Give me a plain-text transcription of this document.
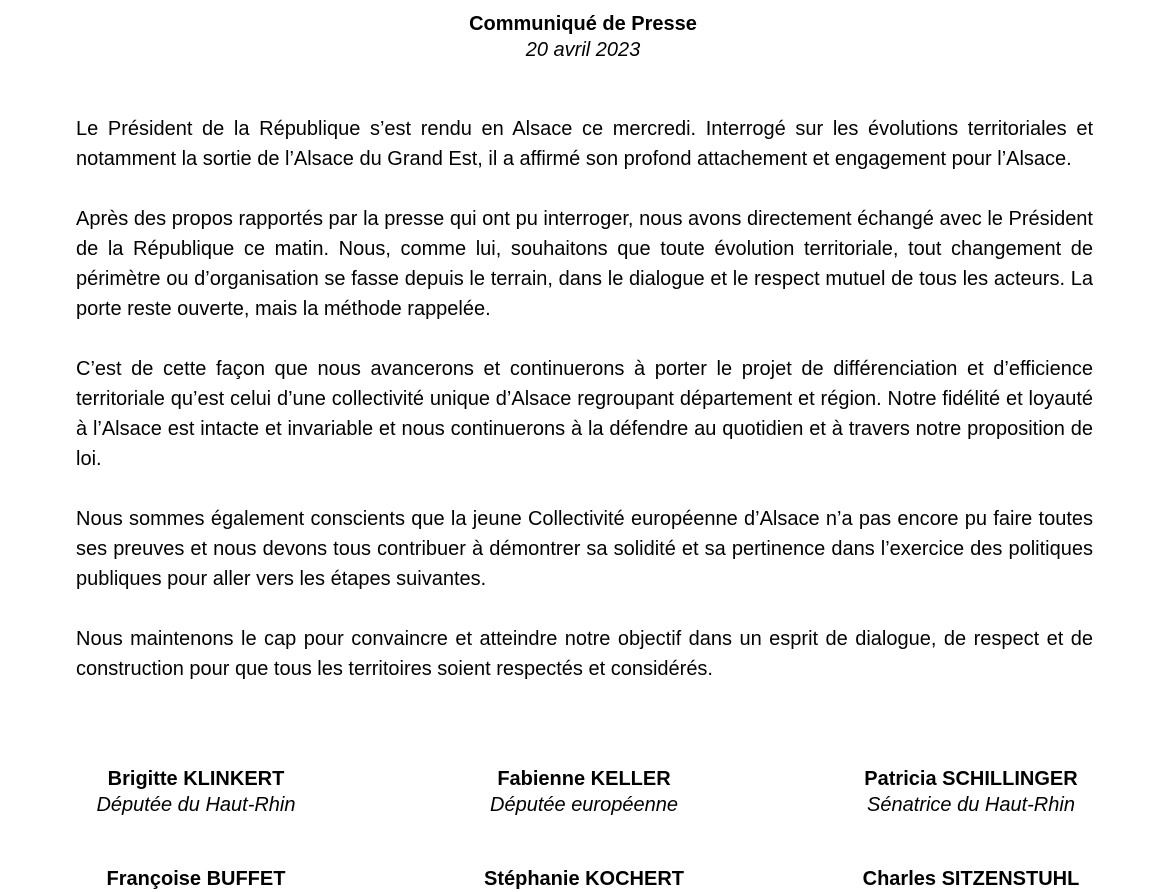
Communiqué de Presse
20 avril 2023

Le Président de la République s’est rendu en Alsace ce mercredi. Interrogé sur les évolutions territoriales et notamment la sortie de l’Alsace du Grand Est, il a affirmé son profond attachement et engagement pour l’Alsace.

Après des propos rapportés par la presse qui ont pu interroger, nous avons directement échangé avec le Président de la République ce matin. Nous, comme lui, souhaitons que toute évolution territoriale, tout changement de périmètre ou d’organisation se fasse depuis le terrain, dans le dialogue et le respect mutuel de tous les acteurs. La porte reste ouverte, mais la méthode rappelée.

C’est de cette façon que nous avancerons et continuerons à porter le projet de différenciation et d’efficience territoriale qu’est celui d’une collectivité unique d’Alsace regroupant département et région. Notre fidélité et loyauté à l’Alsace est intacte et invariable et nous continuerons à la défendre au quotidien et à travers notre proposition de loi.

Nous sommes également conscients que la jeune Collectivité européenne d’Alsace n’a pas encore pu faire toutes ses preuves et nous devons tous contribuer à démontrer sa solidité et sa pertinence dans l’exercice des politiques publiques pour aller vers les étapes suivantes.

Nous maintenons le cap pour convaincre et atteindre notre objectif dans un esprit de dialogue, de respect et de construction pour que tous les territoires soient respectés et considérés.

Brigitte KLINKERT
Députée du Haut-Rhin
Fabienne KELLER
Députée européenne
Patricia SCHILLINGER
Sénatrice du Haut-Rhin
Françoise BUFFET	Stéphanie KOCHERT	Charles SITZENSTUHL
